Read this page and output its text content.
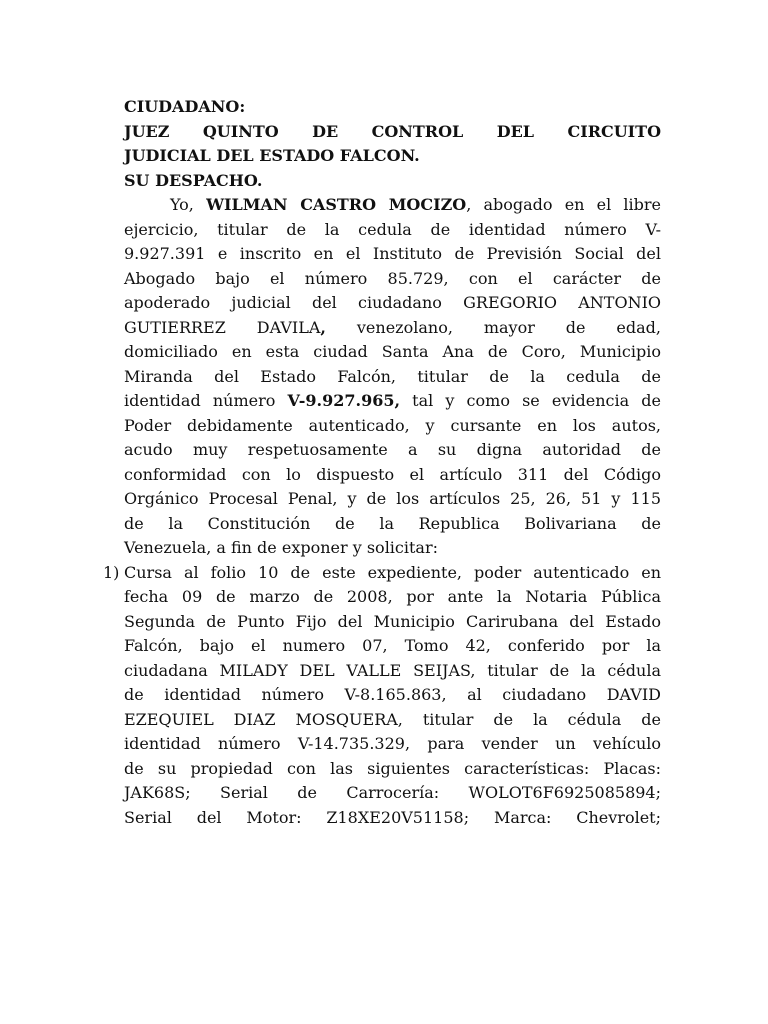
CIUDADANO:
JUEZ QUINTO DE CONTROL DEL CIRCUITO
JUDICIAL DEL ESTADO FALCON.
SU DESPACHO.
Yo, WILMAN CASTRO MOCIZO, abogado en el libre
ejercicio, titular de la cedula de identidad número V-
9.927.391 e inscrito en el Instituto de Previsión Social del
Abogado bajo el número 85.729, con el carácter de
apoderado judicial del ciudadano GREGORIO ANTONIO
GUTIERREZ DAVILA, venezolano, mayor de edad,
domiciliado en esta ciudad Santa Ana de Coro, Municipio
Miranda del Estado Falcón, titular de la cedula de
identidad número V-9.927.965, tal y como se evidencia de
Poder debidamente autenticado, y cursante en los autos,
acudo muy respetuosamente a su digna autoridad de
conformidad con lo dispuesto el artículo 311 del Código
Orgánico Procesal Penal, y de los artículos 25, 26, 51 y 115
de la Constitución de la Republica Bolivariana de
Venezuela, a fin de exponer y solicitar:
1) Cursa al folio 10 de este expediente, poder autenticado en
fecha 09 de marzo de 2008, por ante la Notaria Pública
Segunda de Punto Fijo del Municipio Carirubana del Estado
Falcón, bajo el numero 07, Tomo 42, conferido por la
ciudadana MILADY DEL VALLE SEIJAS, titular de la cédula
de identidad número V-8.165.863, al ciudadano DAVID
EZEQUIEL DIAZ MOSQUERA, titular de la cédula de
identidad número V-14.735.329, para vender un vehículo
de su propiedad con las siguientes características: Placas:
JAK68S; Serial de Carrocería: WOLOT6F6925085894;
Serial del Motor: Z18XE20V51158; Marca: Chevrolet;
